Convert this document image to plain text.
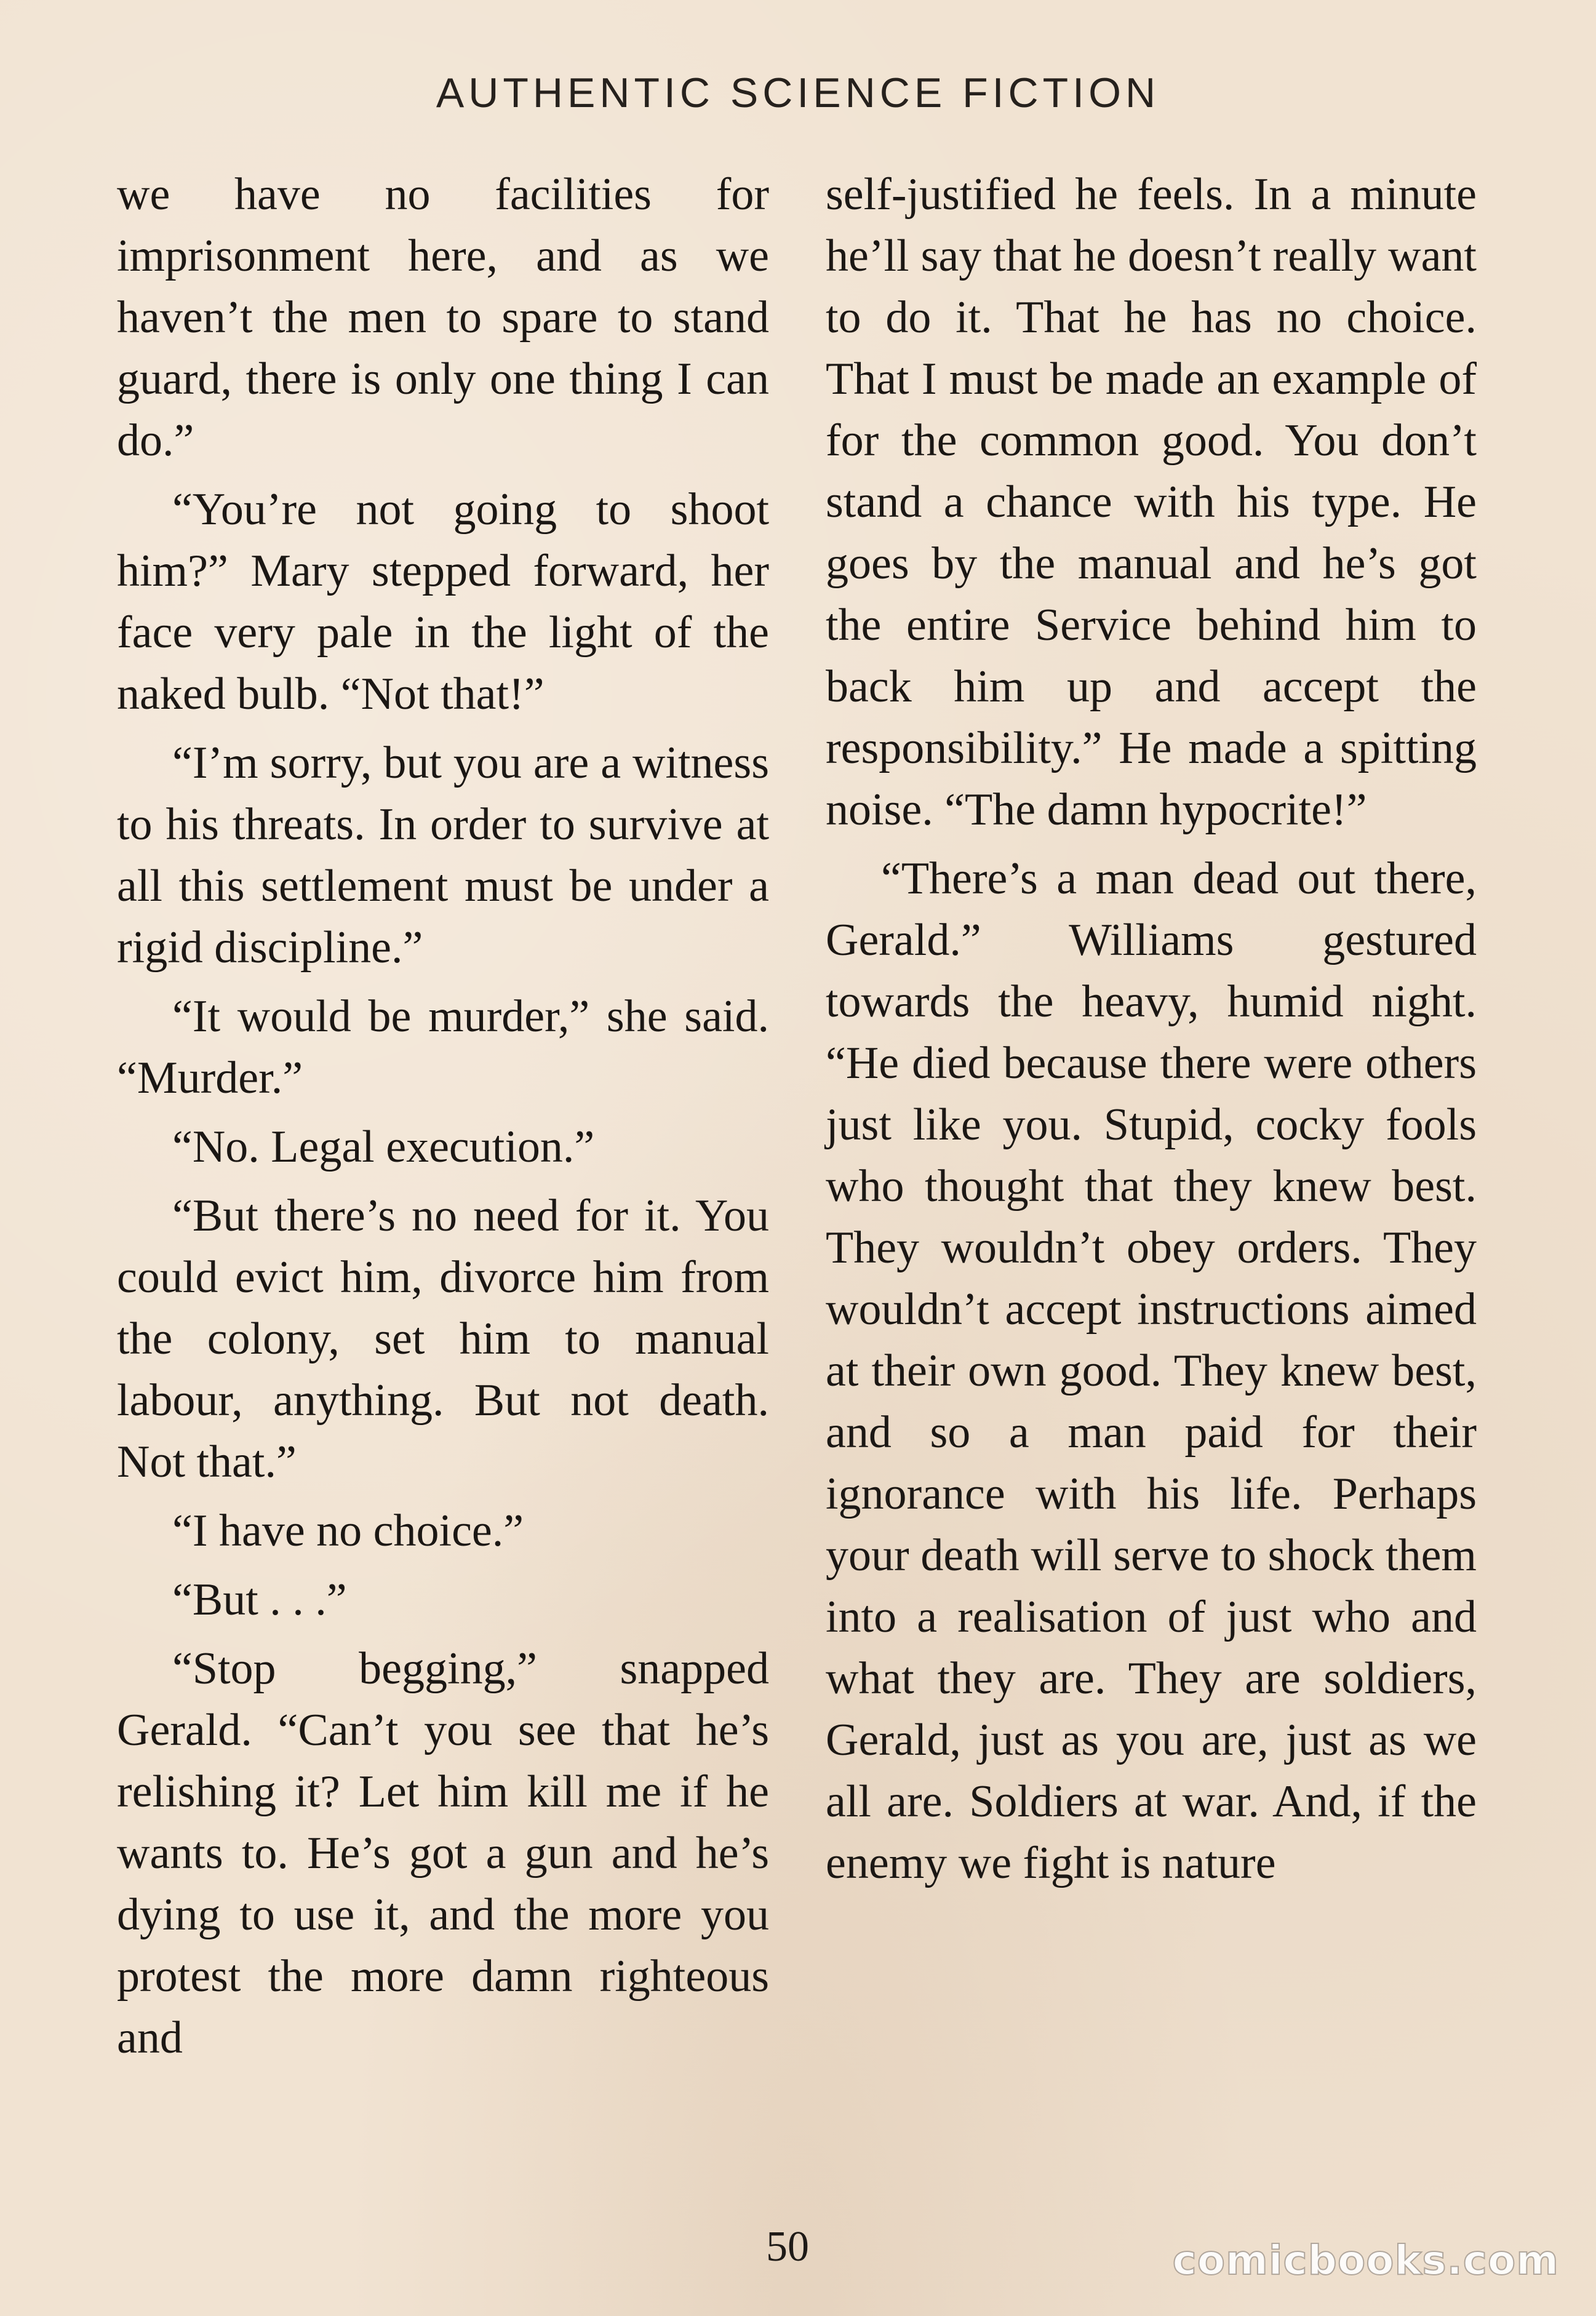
AUTHENTIC SCIENCE FICTION

we have no facilities for imprisonment here, and as we haven’t the men to spare to stand guard, there is only one thing I can do.”

“You’re not going to shoot him?” Mary stepped forward, her face very pale in the light of the naked bulb. “Not that!”

“I’m sorry, but you are a witness to his threats. In order to survive at all this settlement must be under a rigid discipline.”

“It would be murder,” she said. “Murder.”

“No. Legal execution.”

“But there’s no need for it. You could evict him, divorce him from the colony, set him to manual labour, anything. But not death. Not that.”

“I have no choice.”

“But . . .”

“Stop begging,” snapped Gerald. “Can’t you see that he’s relishing it? Let him kill me if he wants to. He’s got a gun and he’s dying to use it, and the more you protest the more damn righteous and

self-justified he feels. In a minute he’ll say that he doesn’t really want to do it. That he has no choice. That I must be made an example of for the common good. You don’t stand a chance with his type. He goes by the manual and he’s got the entire Service behind him to back him up and accept the responsibility.” He made a spitting noise. “The damn hypocrite!”

“There’s a man dead out there, Gerald.” Williams gestured towards the heavy, humid night. “He died because there were others just like you. Stupid, cocky fools who thought that they knew best. They wouldn’t obey orders. They wouldn’t accept instructions aimed at their own good. They knew best, and so a man paid for their ignorance with his life. Perhaps your death will serve to shock them into a realisation of just who and what they are. They are soldiers, Gerald, just as you are, just as we all are. Soldiers at war. And, if the enemy we fight is nature

50	comicbooks.com
